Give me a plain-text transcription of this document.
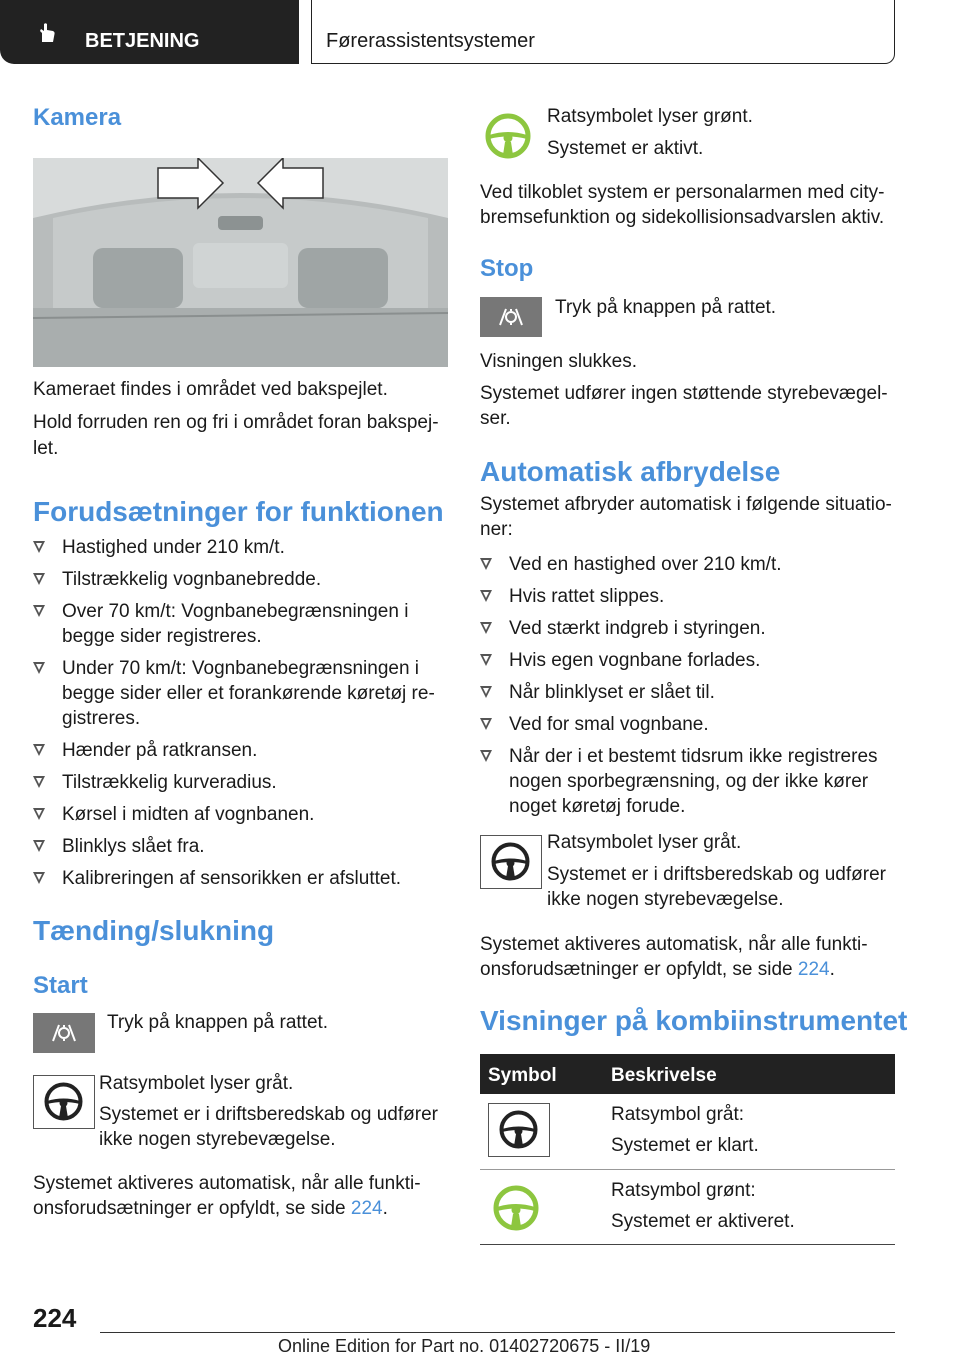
BETJENING	Førerassistentsystemer
Kamera
Kameraet findes i området ved bakspejlet.
Hold forruden ren og fri i området foran bakspej-
let.
Forudsætninger for funktionen
Hastighed under 210 km/t.
Tilstrækkelig vognbanebredde.
Over 70 km/t: Vognbanebegrænsningen i
begge sider registreres.
Under 70 km/t: Vognbanebegrænsningen i
begge sider eller et forankørende køretøj re-
gistreres.
Hænder på ratkransen.
Tilstrækkelig kurveradius.
Kørsel i midten af vognbanen.
Blinklys slået fra.
Kalibreringen af sensorikken er afsluttet.
Tænding/slukning
Start
Tryk på knappen på rattet.
Ratsymbolet lyser gråt.
Systemet er i driftsberedskab og udfører
ikke nogen styrebevægelse.
Systemet aktiveres automatisk, når alle funkti-
onsforudsætninger er opfyldt, se side 224.
Ratsymbolet lyser grønt.
Systemet er aktivt.
Ved tilkoblet system er personalarmen med city-
bremsefunktion og sidekollisionsadvarslen aktiv.
Stop
Tryk på knappen på rattet.
Visningen slukkes.
Systemet udfører ingen støttende styrebevægel-
ser.
Automatisk afbrydelse
Systemet afbryder automatisk i følgende situatio-
ner:
Ved en hastighed over 210 km/t.
Hvis rattet slippes.
Ved stærkt indgreb i styringen.
Hvis egen vognbane forlades.
Når blinklyset er slået til.
Ved for smal vognbane.
Når der i et bestemt tidsrum ikke registreres
nogen sporbegrænsning, og der ikke kører
noget køretøj forude.
Ratsymbolet lyser gråt.
Systemet er i driftsberedskab og udfører
ikke nogen styrebevægelse.
Systemet aktiveres automatisk, når alle funkti-
onsforudsætninger er opfyldt, se side 224.
Visninger på kombiinstrumentet
Symbol	Beskrivelse
Ratsymbol gråt:
Systemet er klart.
Ratsymbol grønt:
Systemet er aktiveret.
224
Online Edition for Part no. 01402720675 - II/19
